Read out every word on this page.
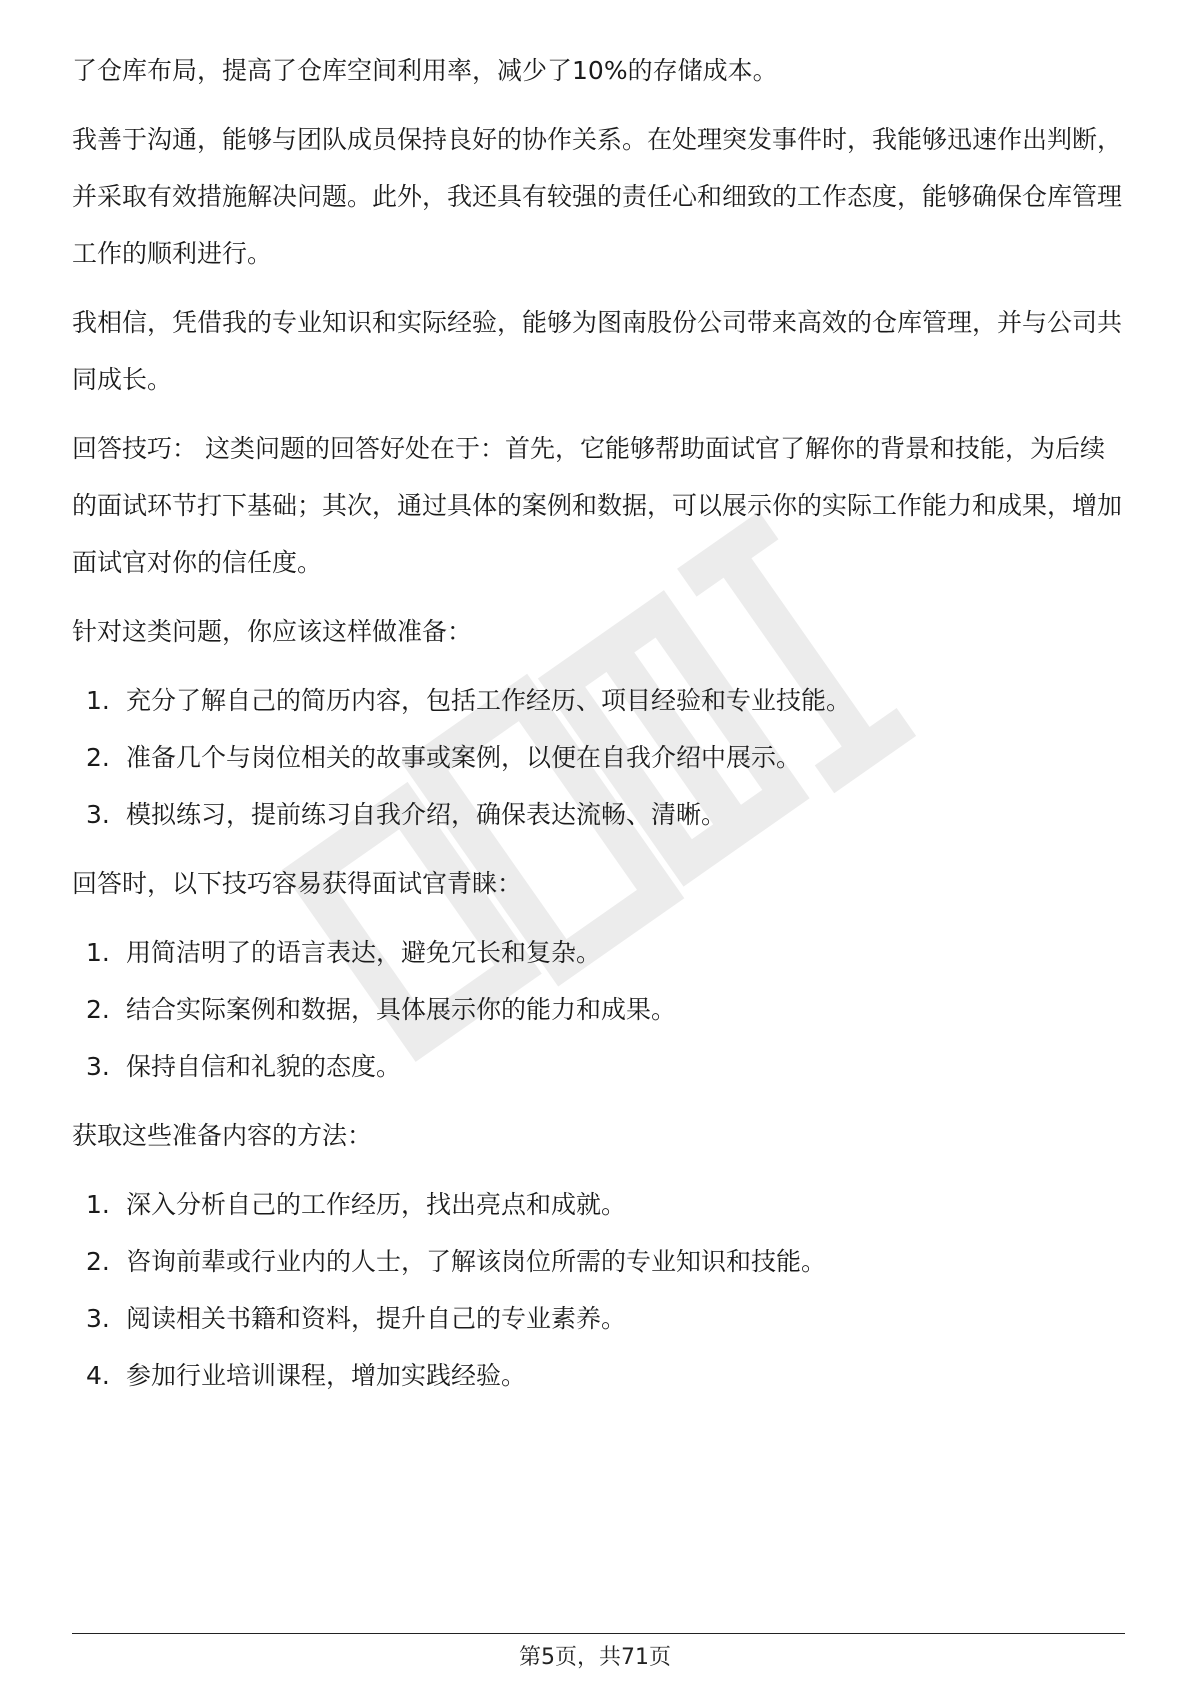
了仓库布局，提高了仓库空间利用率，减少了10%的存储成本。

我善于沟通，能够与团队成员保持良好的协作关系。在处理突发事件时，我能够迅速作出判断，并采取有效措施解决问题。此外，我还具有较强的责任心和细致的工作态度，能够确保仓库管理工作的顺利进行。

我相信，凭借我的专业知识和实际经验，能够为图南股份公司带来高效的仓库管理，并与公司共同成长。

回答技巧： 这类问题的回答好处在于：首先，它能够帮助面试官了解你的背景和技能，为后续的面试环节打下基础；其次，通过具体的案例和数据，可以展示你的实际工作能力和成果，增加面试官对你的信任度。

针对这类问题，你应该这样做准备：

1. 充分了解自己的简历内容，包括工作经历、项目经验和专业技能。
2. 准备几个与岗位相关的故事或案例，以便在自我介绍中展示。
3. 模拟练习，提前练习自我介绍，确保表达流畅、清晰。

回答时，以下技巧容易获得面试官青睐：

1. 用简洁明了的语言表达，避免冗长和复杂。
2. 结合实际案例和数据，具体展示你的能力和成果。
3. 保持自信和礼貌的态度。

获取这些准备内容的方法：

1. 深入分析自己的工作经历，找出亮点和成就。
2. 咨询前辈或行业内的人士，了解该岗位所需的专业知识和技能。
3. 阅读相关书籍和资料，提升自己的专业素养。
4. 参加行业培训课程，增加实践经验。
第5页，共71页
